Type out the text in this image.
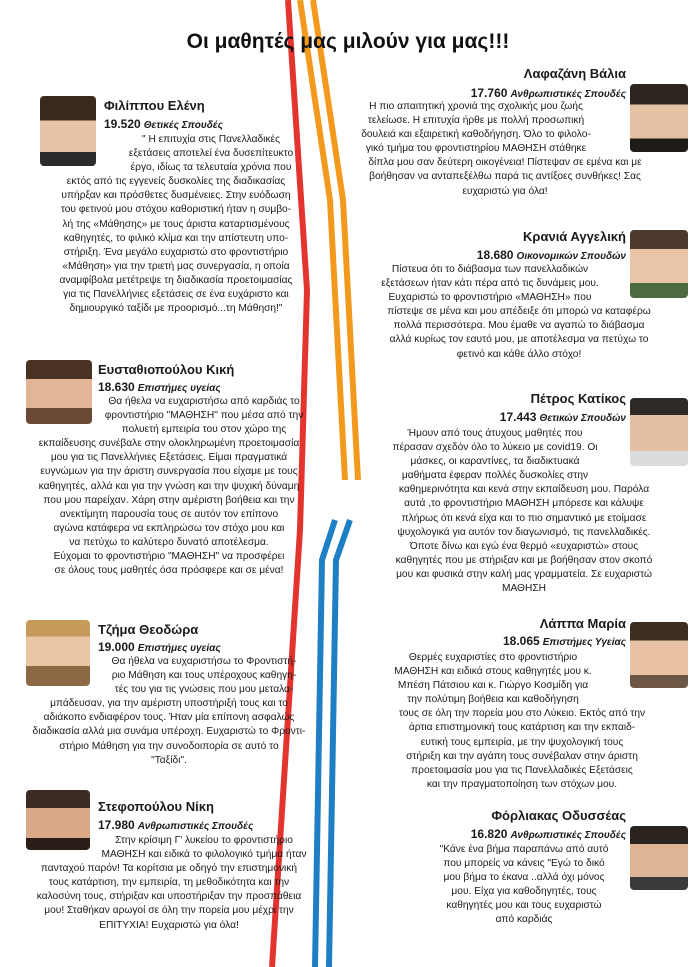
Οι μαθητές μας μιλούν για μας!!!
Φιλίππου Ελένη
19.520 Θετικές Σπουδές
" Η επιτυχία στις Πανελλαδικές
εξετάσεις αποτελεί ένα δυσεπίτευκτο
έργο, ιδίως τα τελευταία χρόνια που
εκτός από τις εγγενείς δυσκολίες της διαδικασίας
υπήρξαν και πρόσθετες δυσμένειες. Στην ευόδωση
του φετινού μου στόχου καθοριστική ήταν η συμβο-
λή της «Μάθησης» με τους άριστα καταρτισμένους
καθηγητές, το φιλικό κλίμα και την απίστευτη υπο-
στήριξη. Ένα μεγάλο ευχαριστώ στο φροντιστήριο
«Μάθηση» για την τριετή μας συνεργασία, η οποία
αναμφίβολα μετέτρεψε τη διαδικασία προετοιμασίας
για τις Πανελλήνιες εξετάσεις σε ένα ευχάριστο και
δημιουργικό ταξίδι με προορισμό...τη Μάθηση!"
Ευσταθιοπούλου Κική
18.630 Επιστήμες υγείας
Θα ήθελα να ευχαριστήσω από καρδιάς το
φροντιστήριο "ΜΑΘΗΣΗ" που μέσα από την
πολυετή εμπειρία του στον χώρο της
εκπαίδευσης συνέβαλε στην ολοκληρωμένη προετοιμασία
μου για τις Πανελλήνιες Εξετάσεις. Είμαι πραγματικά
ευγνώμων για την άριστη συνεργασία που είχαμε με τους
καθηγητές, αλλά και για την γνώση και την ψυχική δύναμη
που μου παρείχαν. Χάρη στην αμέριστη βοήθεια και την
ανεκτίμητη παρουσία τους σε αυτόν τον επίπονο
αγώνα κατάφερα να εκπληρώσω τον στόχο μου και
να πετύχω το καλύτερο δυνατό αποτέλεσμα.
Εύχομαι το φροντιστήριο "ΜΑΘΗΣΗ" να προσφέρει
σε όλους τους μαθητές όσα πρόσφερε και σε μένα!
Τζήμα Θεοδώρα
19.000 Επιστήμες υγείας
Θα ήθελα να ευχαριστήσω το Φροντιστή-
ριο Μάθηση και τους υπέροχους καθηγη-
τές του για τις γνώσεις που μου μεταλα-
μπάδευσαν, για την αμέριστη υποστήριξή τους και το
αδιάκοπο ενδιαφέρον τους. Ήταν μία επίπονη ασφαλώς
διαδικασία αλλά μια συνάμα υπέροχη. Ευχαριστώ το Φροντι-
στήριο Μάθηση για την συνοδοιπορία σε αυτό το
"Ταξίδι".
Στεφοπούλου Νίκη
17.980 Ανθρωπιστικές Σπουδές
Στην κρίσιμη Γ' λυκείου το φροντιστήριο
ΜΑΘΗΣΗ και ειδικά το φιλολογικό τμήμα ήταν
πανταχού παρόν! Τα κορίτσια με οδηγό την επιστημονική
τους κατάρτιση, την εμπειρία, τη μεθοδικότητα και την
καλοσύνη τους, στήριξαν και υποστήριξαν την προσπάθεια
μου! Σταθήκαν αρωγοί σε όλη την πορεία μου μέχρι την
ΕΠΙΤΥΧΙΑ! Ευχαριστώ για όλα!
Λαφαζάνη Βάλια
17.760 Ανθρωπιστικές Σπουδές
Η πιο απαιτητική χρονιά της σχολικής μου ζωής
τελείωσε. Η επιτυχία ήρθε με πολλή προσωπική
δουλειά και εξαιρετική καθοδήγηση. Όλο το φιλολο-
γικό τμήμα του φροντιστηρίου ΜΑΘΗΣΗ στάθηκε
δίπλα μου σαν δεύτερη οικογένεια! Πίστεψαν σε εμένα και με
βοήθησαν να ανταπεξέλθω παρά τις αντίξοες συνθήκες! Σας
ευχαριστώ για όλα!
Κρανιά Αγγελική
18.680 Οικονομικών Σπουδών
Πίστευα ότι το διάβασμα των πανελλαδικών
εξετάσεων ήταν κάτι πέρα από τις δυνάμεις μου.
Ευχαριστώ το φροντιστήριο «ΜΑΘΗΣΗ» που
πίστεψε σε μένα και μου απέδειξε ότι μπορώ να καταφέρω
πολλά περισσότερα. Μου έμαθε να αγαπώ το διάβασμα
αλλά κυρίως τον εαυτό μου, με αποτέλεσμα να πετύχω το
φετινό και κάθε άλλο στόχο!
Πέτρος Κατίκος
17.443 Θετικών Σπουδών
Ήμουν από τους άτυχους μαθητές που
πέρασαν σχεδόν όλο το λύκειο με covid19. Οι
μάσκες, οι καραντίνες, τα διαδικτυακά
μαθήματα έφεραν πολλές δυσκολίες στην
καθημερινότητα και κενά στην εκπαίδευση μου. Παρόλα
αυτά ,το φροντιστήριο ΜΑΘΗΣΗ μπόρεσε και κάλυψε
πλήρως ότι κενά είχα και το πιο σημαντικό με ετοίμασε
ψυχολογικά για αυτόν τον διαγωνισμό, τις πανελλαδικές.
Όποτε δίνω και εγώ ένα θερμό «ευχαριστώ» στους
καθηγητές που με στήριξαν και με βοήθησαν στον σκοπό
μου και φυσικά στην καλή μας γραμματεία. Σε ευχαριστώ
ΜΑΘΗΣΗ
Λάππα Μαρία
18.065 Επιστήμες Υγείας
Θερμές ευχαριστίες στο φροντιστήριο
ΜΑΘΗΣΗ και ειδικά στους καθηγητές μου κ.
Μπέση Πάτσιου και κ. Γιώργο Κοσμίδη για
την πολύτιμη βοήθεια και καθοδήγηση
τους σε όλη την πορεία μου στο Λύκειο. Εκτός από την
άρτια επιστημονική τους κατάρτιση και την εκπαιδ-
ευτική τους εμπειρία, με την ψυχολογική τους
στήριξη και την αγάπη τους συνέβαλαν στην άριστη
προετοιμασία μου για τις Πανελλαδικές Εξετάσεις
και την πραγματοποίηση των στόχων μου.
Φόρλιακας Οδυσσέας
16.820 Ανθρωπιστικές Σπουδές
"Κάνε ένα βήμα παραπάνω από αυτό
που μπορείς να κάνεις "Εγώ το δικό
μου βήμα το έκανα ..αλλά όχι μόνος
μου. Είχα για καθοδηγητές, τους
καθηγητές μου και τους ευχαριστώ
από καρδιάς
